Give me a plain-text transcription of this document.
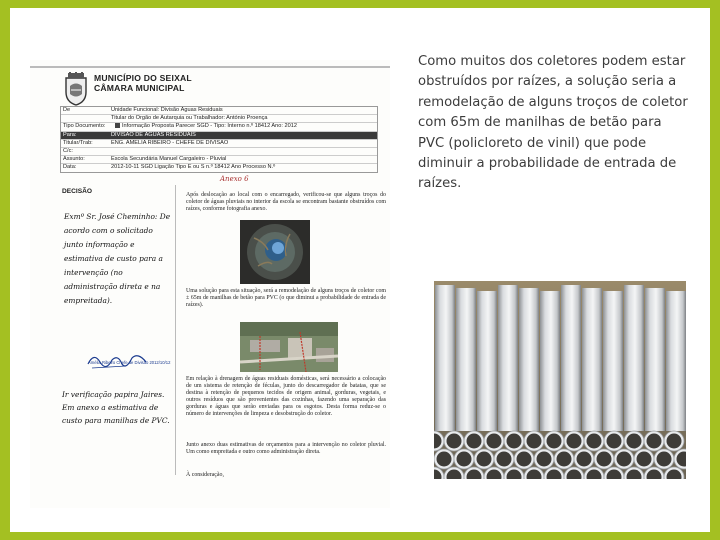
MUNICÍPIO DO SEIXAL
CÂMARA MUNICIPAL
De	Unidade Funcional: Divisão Águas Residuais
Titular do Órgão de Autarquia ou Trabalhador: António Proença
Tipo Documento:	Informação Proposta Parecer SGD - Tipo: Interno n.º 18412 Ano: 2012
Para:	DIVISÃO DE ÁGUAS RESIDUAIS
Titular/Trab:	ENG. AMÉLIA RIBEIRO - CHEFE DE DIVISÃO
C/c:
Assunto:	Escola Secundária Manuel Cargaleiro - Pluvial
Data:	2012-10-11 SGD Ligação Tipo E ou S n.º 18412 Ano Processo N.º
DECISÃO
Anexo 6
Exmº Sr. José Cheminho: De acordo com o solicitado junto informação e estimativa de custo para a intervenção (no administração direta e na empreitada).
Amélia Ribeiro Chefe de Divisão 2012/10/12
Ir verificação papira Jaires. Em anexo a estimativa de custo para manilhas de PVC.
Após deslocação ao local com o encarregado, verificou-se que alguns troços do coletor de águas pluviais no interior da escola se encontram bastante obstruídos com raízes, conforme fotografia anexo.
Uma solução para esta situação, será a remodelação de alguns troços de coletor com ± 65m de manilhas de betão para PVC (o que diminui a probabilidade de entrada de raízes).
Em relação à drenagem de águas residuais domésticas, será necessário a colocação de um sistema de retenção de féculas, junto do descarregador de batatas, que se destina à retenção de pequenos tecidos de origem animal, gorduras, vegetais, e outros resíduos que são provenientes das cozinhas, fazendo uma separação das gorduras e águas que serão enviadas para os esgotos. Desta forma reduz-se o número de intervenções de limpeza e desobstrução do coletor.
Junto anexo duas estimativas de orçamentos para a intervenção no coletor pluvial. Um como empreitada e outro como administração direta.
À consideração,
Como muitos dos coletores podem estar obstruídos por raízes, a solução seria a remodelação de alguns troços de coletor com 65m de manilhas de betão para PVC (policloreto de vinil) que pode diminuir a probabilidade de entrada de raízes.
